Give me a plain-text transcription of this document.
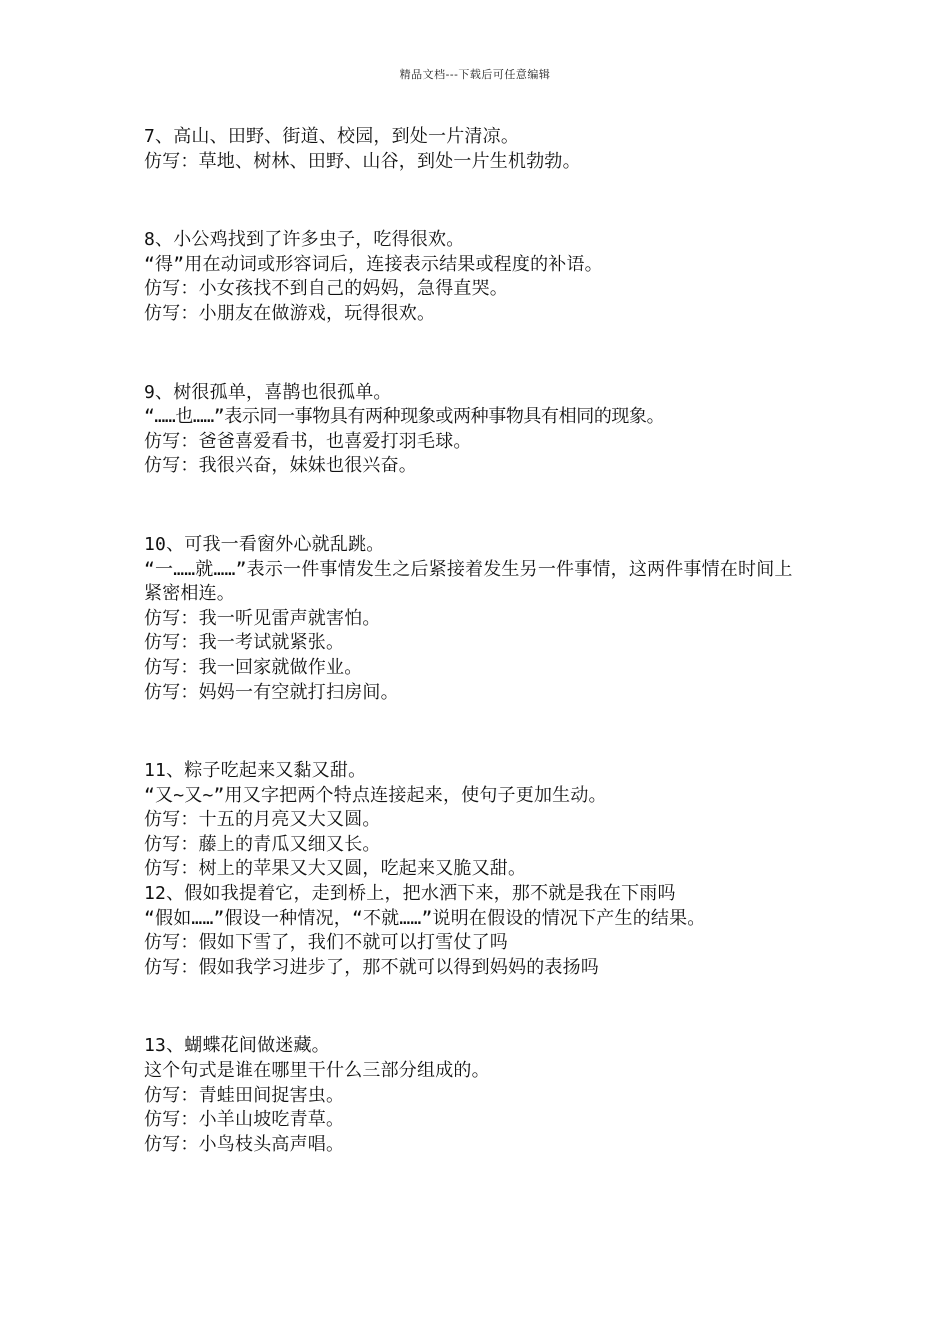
精品文档---下载后可任意编辑
7、高山、田野、街道、校园，到处一片清凉。
仿写：草地、树林、田野、山谷，到处一片生机勃勃。
8、小公鸡找到了许多虫子，吃得很欢。
“得”用在动词或形容词后，连接表示结果或程度的补语。
仿写：小女孩找不到自己的妈妈，急得直哭。
仿写：小朋友在做游戏，玩得很欢。
9、树很孤单，喜鹊也很孤单。
“……也……”表示同一事物具有两种现象或两种事物具有相同的现象。
仿写：爸爸喜爱看书，也喜爱打羽毛球。
仿写：我很兴奋，妹妹也很兴奋。
10、可我一看窗外心就乱跳。
“一……就……”表示一件事情发生之后紧接着发生另一件事情，这两件事情在时间上紧密相连。
仿写：我一听见雷声就害怕。
仿写：我一考试就紧张。
仿写：我一回家就做作业。
仿写：妈妈一有空就打扫房间。
11、粽子吃起来又黏又甜。
“又~又~”用又字把两个特点连接起来，使句子更加生动。
仿写：十五的月亮又大又圆。
仿写：藤上的青瓜又细又长。
仿写：树上的苹果又大又圆，吃起来又脆又甜。
12、假如我提着它，走到桥上，把水洒下来，那不就是我在下雨吗
“假如……”假设一种情况，“不就……”说明在假设的情况下产生的结果。
仿写：假如下雪了，我们不就可以打雪仗了吗
仿写：假如我学习进步了，那不就可以得到妈妈的表扬吗
13、蝴蝶花间做迷藏。
这个句式是谁在哪里干什么三部分组成的。
仿写：青蛙田间捉害虫。
仿写：小羊山坡吃青草。
仿写：小鸟枝头高声唱。
